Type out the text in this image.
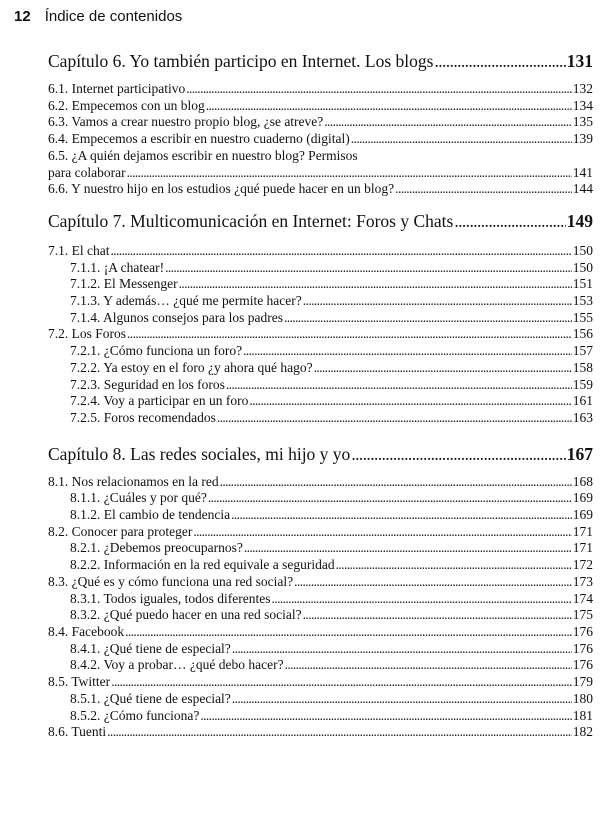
12 Índice de contenidos
Capítulo 6. Yo también participo en Internet. Los blogs .....	131
6.1. Internet participativo .....	132
6.2. Empecemos con un blog .....	134
6.3. Vamos a crear nuestro propio blog, ¿se atreve? .....	135
6.4. Empecemos a escribir en nuestro cuaderno (digital) .....	139
6.5. ¿A quién dejamos escribir en nuestro blog? Permisos
para colaborar .....	141
6.6. Y nuestro hijo en los estudios ¿qué puede hacer en un blog? .....	144
Capítulo 7. Multicomunicación en Internet: Foros y Chats .....	149
7.1. El chat .....	150
7.1.1. ¡A chatear! .....	150
7.1.2. El Messenger .....	151
7.1.3. Y además… ¿qué me permite hacer? .....	153
7.1.4. Algunos consejos para los padres .....	155
7.2. Los Foros .....	156
7.2.1. ¿Cómo funciona un foro? .....	157
7.2.2. Ya estoy en el foro ¿y ahora qué hago? .....	158
7.2.3. Seguridad en los foros .....	159
7.2.4. Voy a participar en un foro .....	161
7.2.5. Foros recomendados .....	163
Capítulo 8. Las redes sociales, mi hijo y yo .....	167
8.1. Nos relacionamos en la red .....	168
8.1.1. ¿Cuáles y por qué? .....	169
8.1.2. El cambio de tendencia .....	169
8.2. Conocer para proteger .....	171
8.2.1. ¿Debemos preocuparnos? .....	171
8.2.2. Información en la red equivale a seguridad .....	172
8.3. ¿Qué es y cómo funciona una red social? .....	173
8.3.1. Todos iguales, todos diferentes .....	174
8.3.2. ¿Qué puedo hacer en una red social? .....	175
8.4. Facebook .....	176
8.4.1. ¿Qué tiene de especial? .....	176
8.4.2. Voy a probar… ¿qué debo hacer? .....	176
8.5. Twitter .....	179
8.5.1. ¿Qué tiene de especial? .....	180
8.5.2. ¿Cómo funciona? .....	181
8.6. Tuenti .....	182
